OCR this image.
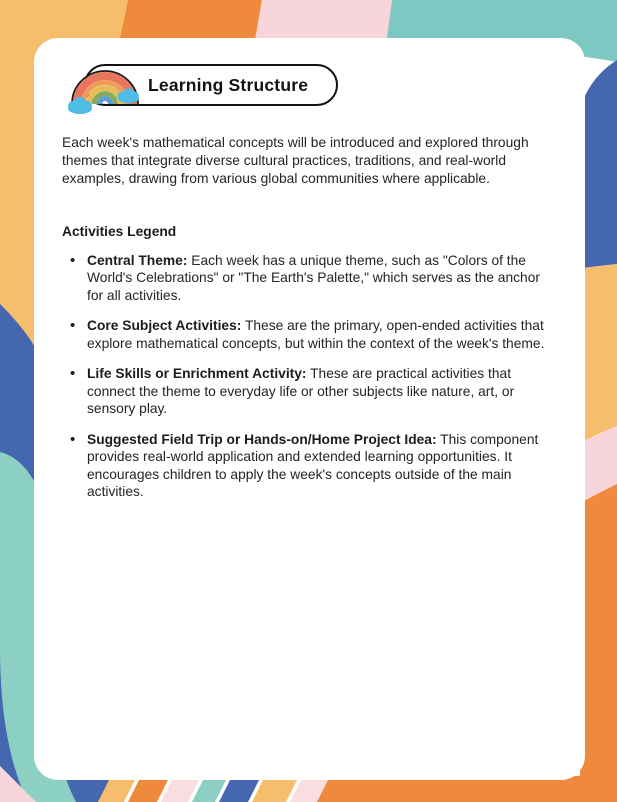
Learning Structure

Each week's mathematical concepts will be introduced and explored through themes that integrate diverse cultural practices, traditions, and real-world examples, drawing from various global communities where applicable.

Activities Legend
• Central Theme: Each week has a unique theme, such as "Colors of the World's Celebrations" or "The Earth's Palette," which serves as the anchor for all activities.
• Core Subject Activities: These are the primary, open-ended activities that explore mathematical concepts, but within the context of the week's theme.
• Life Skills or Enrichment Activity: These are practical activities that connect the theme to everyday life or other subjects like nature, art, or sensory play.
• Suggested Field Trip or Hands-on/Home Project Idea: This component provides real-world application and extended learning opportunities. It encourages children to apply the week's concepts outside of the main activities.
